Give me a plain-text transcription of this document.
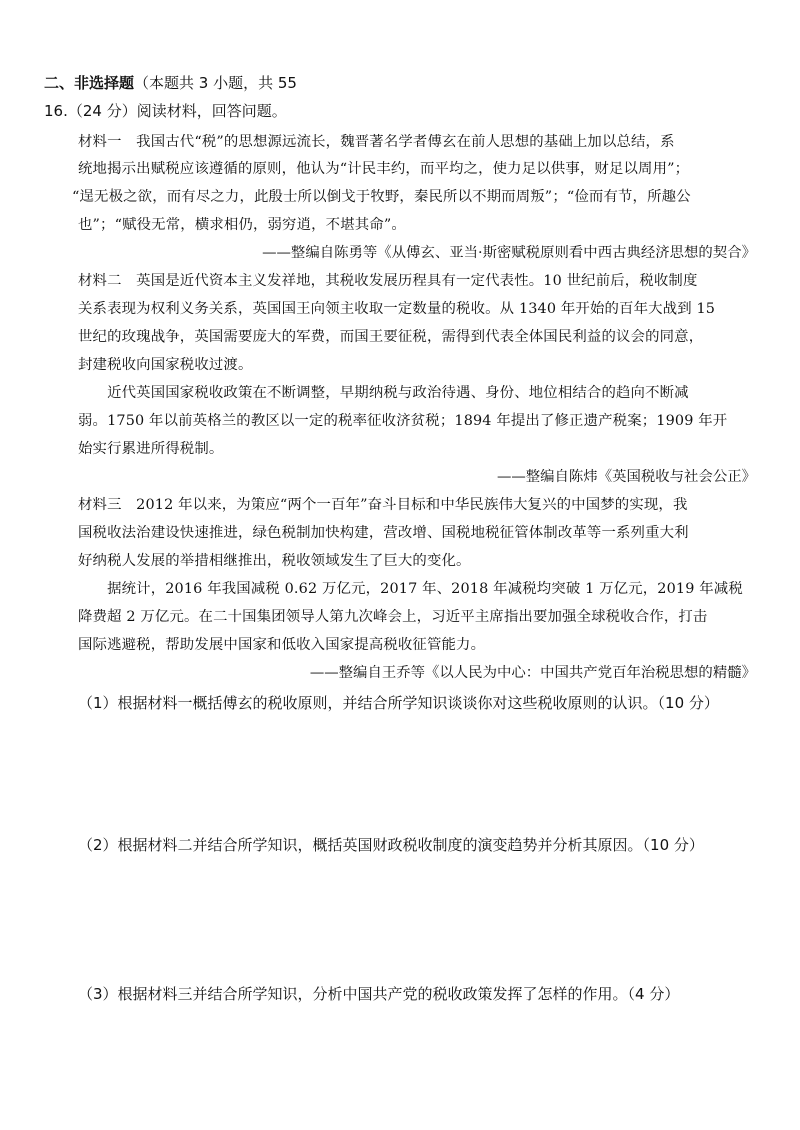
二、非选择题（本题共 3 小题，共 55
16.（24 分）阅读材料，回答问题。
材料一　我国古代“税”的思想源远流长，魏晋著名学者傅玄在前人思想的基础上加以总结，系
统地揭示出赋税应该遵循的原则，他认为“计民丰约，而平均之，使力足以供事，财足以周用”；
“逞无极之欲，而有尽之力，此殷士所以倒戈于牧野，秦民所以不期而周叛”；“俭而有节，所趣公
也”；“赋役无常，横求相仍，弱穷逍，不堪其命”。
——整编自陈勇等《从傅玄、亚当·斯密赋税原则看中西古典经济思想的契合》
材料二　英国是近代资本主义发祥地，其税收发展历程具有一定代表性。10 世纪前后，税收制度
关系表现为权利义务关系，英国国王向领主收取一定数量的税收。从 1340 年开始的百年大战到 15
世纪的玫瑰战争，英国需要庞大的军费，而国王要征税，需得到代表全体国民利益的议会的同意，
封建税收向国家税收过渡。
　　近代英国国家税收政策在不断调整，早期纳税与政治待遇、身份、地位相结合的趋向不断减
弱。1750 年以前英格兰的教区以一定的税率征收济贫税；1894 年提出了修正遗产税案；1909 年开
始实行累进所得税制。
——整编自陈炜《英国税收与社会公正》
材料三　2012 年以来，为策应“两个一百年”奋斗目标和中华民族伟大复兴的中国梦的实现，我
国税收法治建设快速推进，绿色税制加快构建，营改增、国税地税征管体制改革等一系列重大利
好纳税人发展的举措相继推出，税收领域发生了巨大的变化。
　　据统计，2016 年我国减税 0.62 万亿元，2017 年、2018 年减税均突破 1 万亿元，2019 年减税
降费超 2 万亿元。在二十国集团领导人第九次峰会上，习近平主席指出要加强全球税收合作，打击
国际逃避税，帮助发展中国家和低收入国家提高税收征管能力。
——整编自王乔等《以人民为中心：中国共产党百年治税思想的精髓》
（1）根据材料一概括傅玄的税收原则，并结合所学知识谈谈你对这些税收原则的认识。（10 分）
（2）根据材料二并结合所学知识，概括英国财政税收制度的演变趋势并分析其原因。（10 分）
（3）根据材料三并结合所学知识，分析中国共产党的税收政策发挥了怎样的作用。（4 分）
